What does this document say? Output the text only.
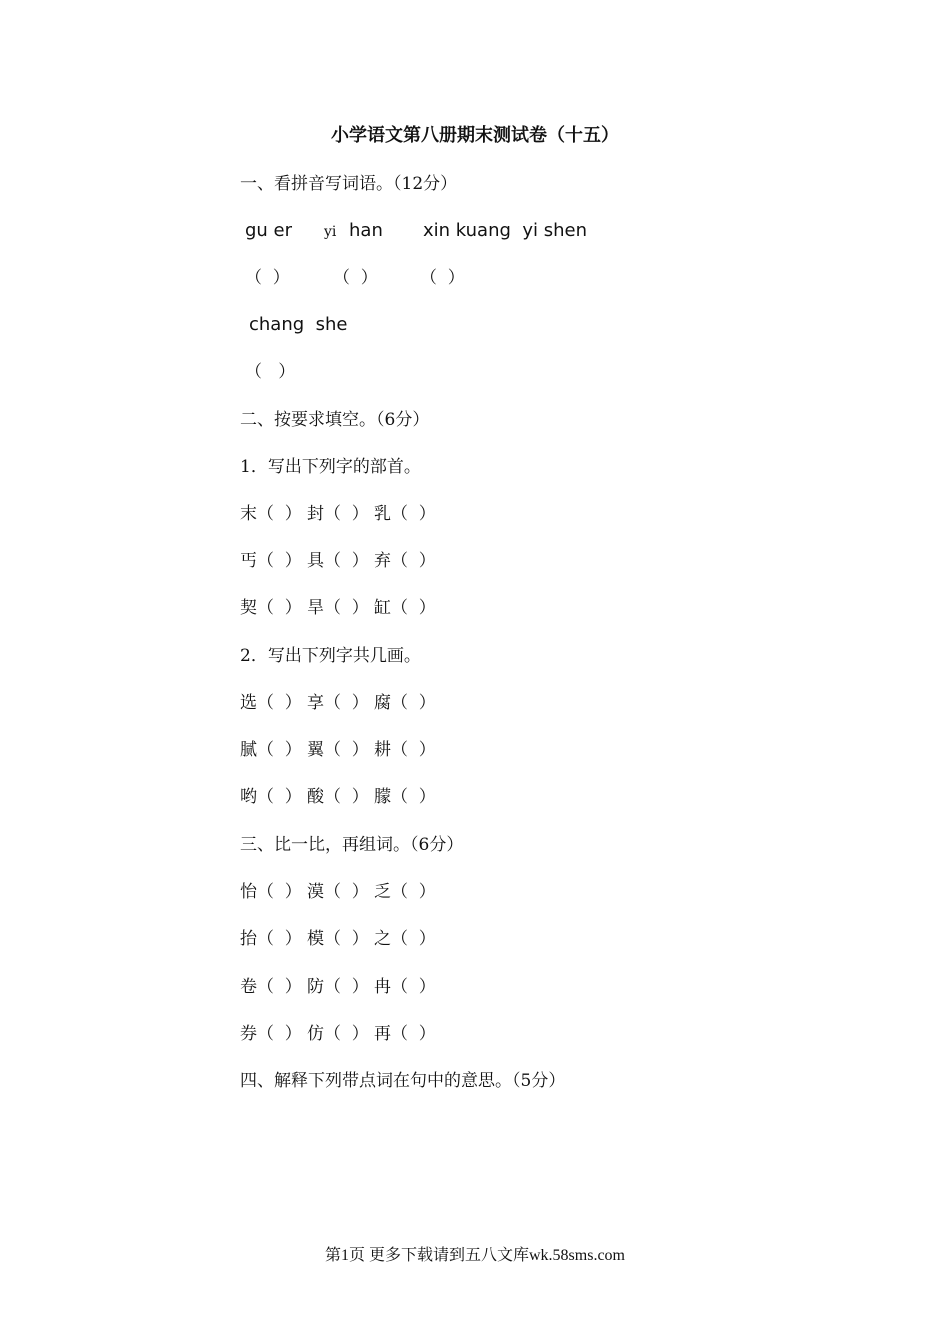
小学语文第八册期末测试卷（十五）
一、看拼音写词语。（12分）
gu er yi han xin kuang  yi shen
（  ）	（  ） （  ）
chang  she
（   ）
二、按要求填空。（6分）
1．写出下列字的部首。
末（  ） 封（  ） 乳（  ）
丐（  ） 具（  ） 弃（  ）
契（  ） 旱（  ） 缸（  ）
2．写出下列字共几画。
选（  ） 享（  ） 腐（  ）
腻（  ） 翼（  ） 耕（  ）
哟（  ） 酸（  ） 朦（  ）
三、比一比，再组词。（6分）
怡（  ） 漠（  ） 乏（  ）
抬（  ） 模（  ） 之（  ）
卷（  ） 防（  ） 冉（  ）
券（  ） 仿（  ） 再（  ）
四、解释下列带点词在句中的意思。（5分）
第1页 更多下载请到五八文库wk.58sms.com
